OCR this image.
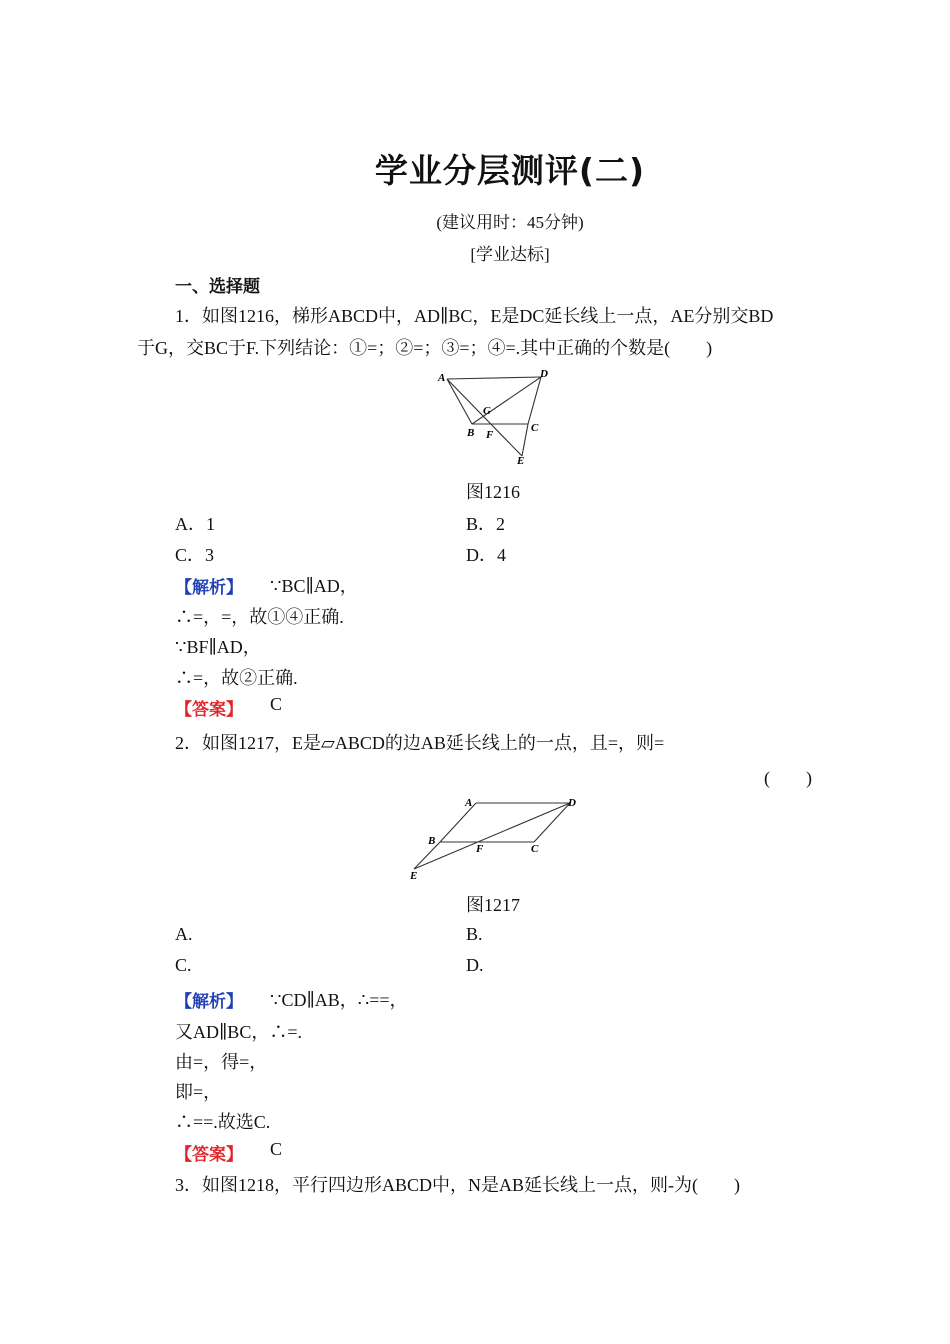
学业分层测评(二)
(建议用时：45分钟)
[学业达标]
一、选择题
1．如图1216，梯形ABCD中，AD∥BC，E是DC延长线上一点，AE分别交BD
于G，交BC于F.下列结论：①=；②=；③=；④=.其中正确的个数是(　　)
A	D
G
B F
C
E
图1216
A．1	B．2
C．3	D．4
【解析】 ∵BC∥AD，
∴=，=，故①④正确.
∵BF∥AD，
∴=，故②正确.
【答案】 C
2．如图1217，E是▱ABCD的边AB延长线上的一点，且=，则=
(　　)
A	D
B
F	C
E
图1217
A.	B.
C.	D.
【解析】 ∵CD∥AB，∴==，
又AD∥BC，∴=.
由=，得=，
即=，
∴==.故选C.
【答案】 C
3．如图1218，平行四边形ABCD中，N是AB延长线上一点，则-为(　　)
